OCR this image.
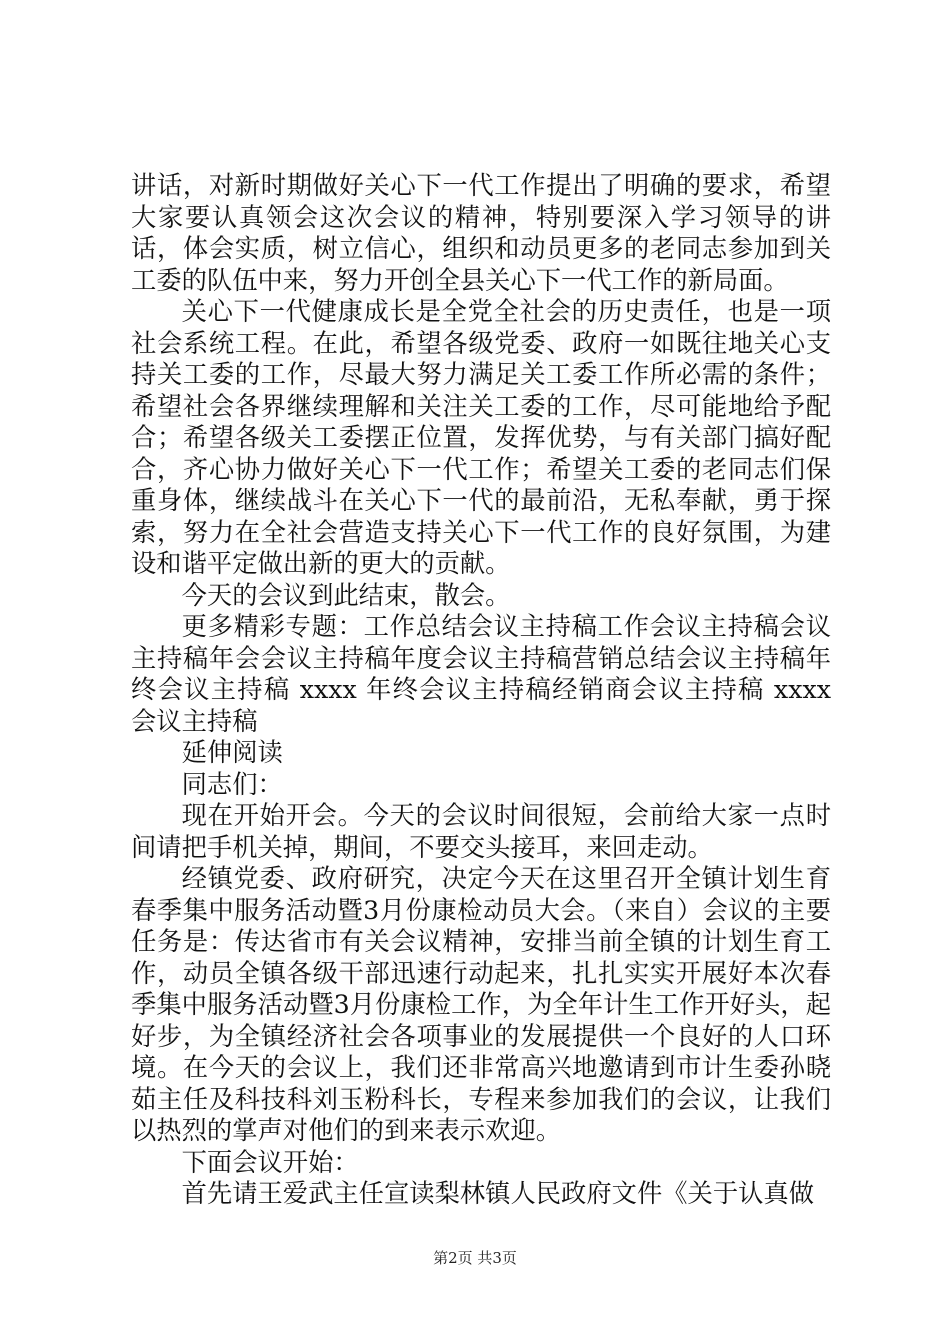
讲话，对新时期做好关心下一代工作提出了明确的要求，希望大家要认真领会这次会议的精神，特别要深入学习领导的讲话，体会实质，树立信心，组织和动员更多的老同志参加到关工委的队伍中来，努力开创全县关心下一代工作的新局面。

关心下一代健康成长是全党全社会的历史责任，也是一项社会系统工程。在此，希望各级党委、政府一如既往地关心支持关工委的工作，尽最大努力满足关工委工作所必需的条件；希望社会各界继续理解和关注关工委的工作，尽可能地给予配合；希望各级关工委摆正位置，发挥优势，与有关部门搞好配合，齐心协力做好关心下一代工作；希望关工委的老同志们保重身体，继续战斗在关心下一代的最前沿，无私奉献，勇于探索，努力在全社会营造支持关心下一代工作的良好氛围，为建设和谐平定做出新的更大的贡献。

今天的会议到此结束，散会。

更多精彩专题：工作总结会议主持稿工作会议主持稿会议主持稿年会会议主持稿年度会议主持稿营销总结会议主持稿年终会议主持稿 xxxx 年终会议主持稿经销商会议主持稿 xxxx 会议主持稿

延伸阅读

同志们：

现在开始开会。今天的会议时间很短，会前给大家一点时间请把手机关掉，期间，不要交头接耳，来回走动。

经镇党委、政府研究，决定今天在这里召开全镇计划生育春季集中服务活动暨3月份康检动员大会。（来自）会议的主要任务是：传达省市有关会议精神，安排当前全镇的计划生育工作，动员全镇各级干部迅速行动起来，扎扎实实开展好本次春季集中服务活动暨3月份康检工作，为全年计生工作开好头，起好步，为全镇经济社会各项事业的发展提供一个良好的人口环境。在今天的会议上，我们还非常高兴地邀请到市计生委孙晓茹主任及科技科刘玉粉科长，专程来参加我们的会议，让我们以热烈的掌声对他们的到来表示欢迎。

下面会议开始：

首先请王爱武主任宣读梨林镇人民政府文件《关于认真做

第2页 共3页
